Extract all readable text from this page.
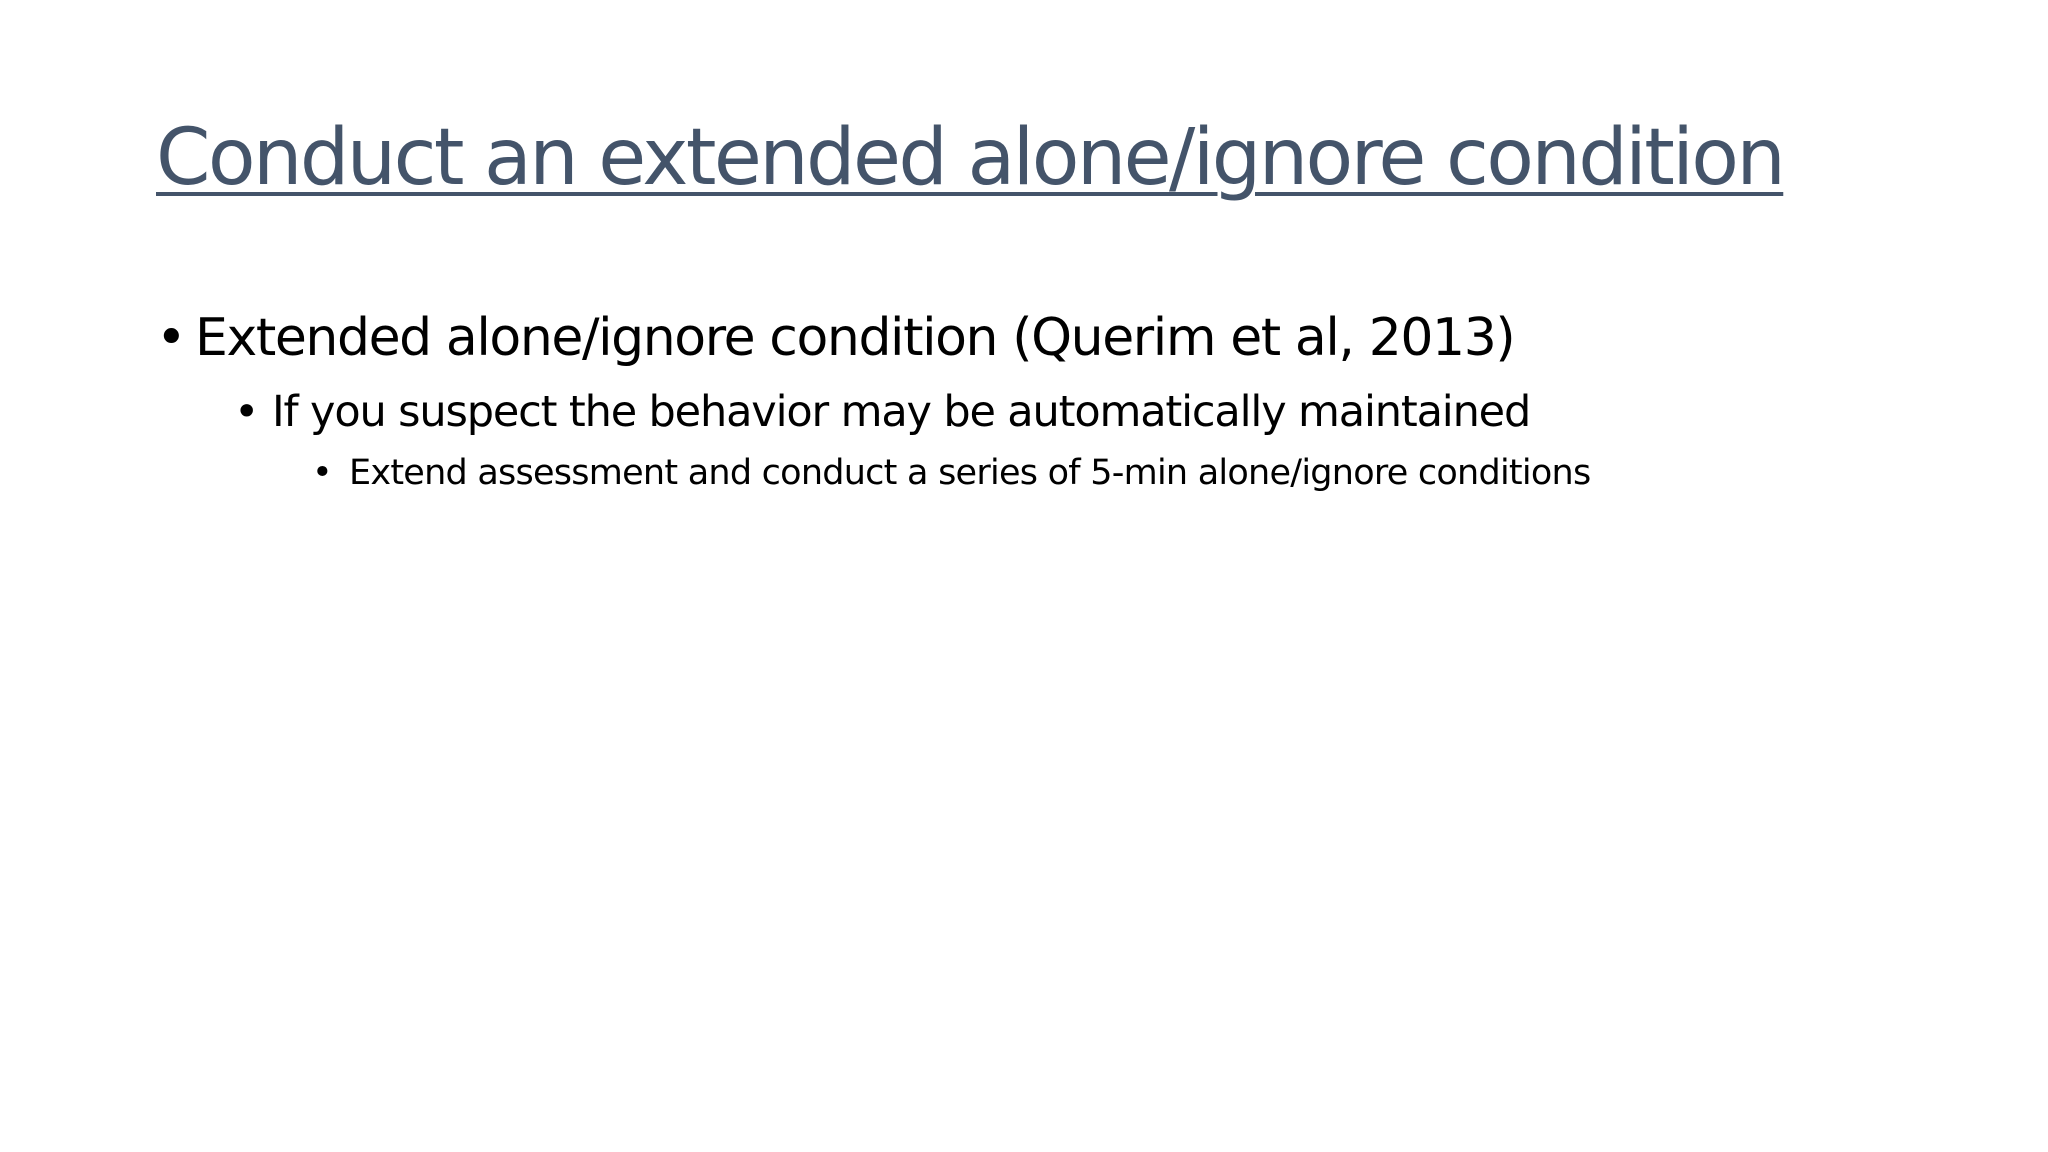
Conduct an extended alone/ignore condition
• Extended alone/ignore condition (Querim et al, 2013)
• If you suspect the behavior may be automatically maintained
• Extend assessment and conduct a series of 5-min alone/ignore conditions
